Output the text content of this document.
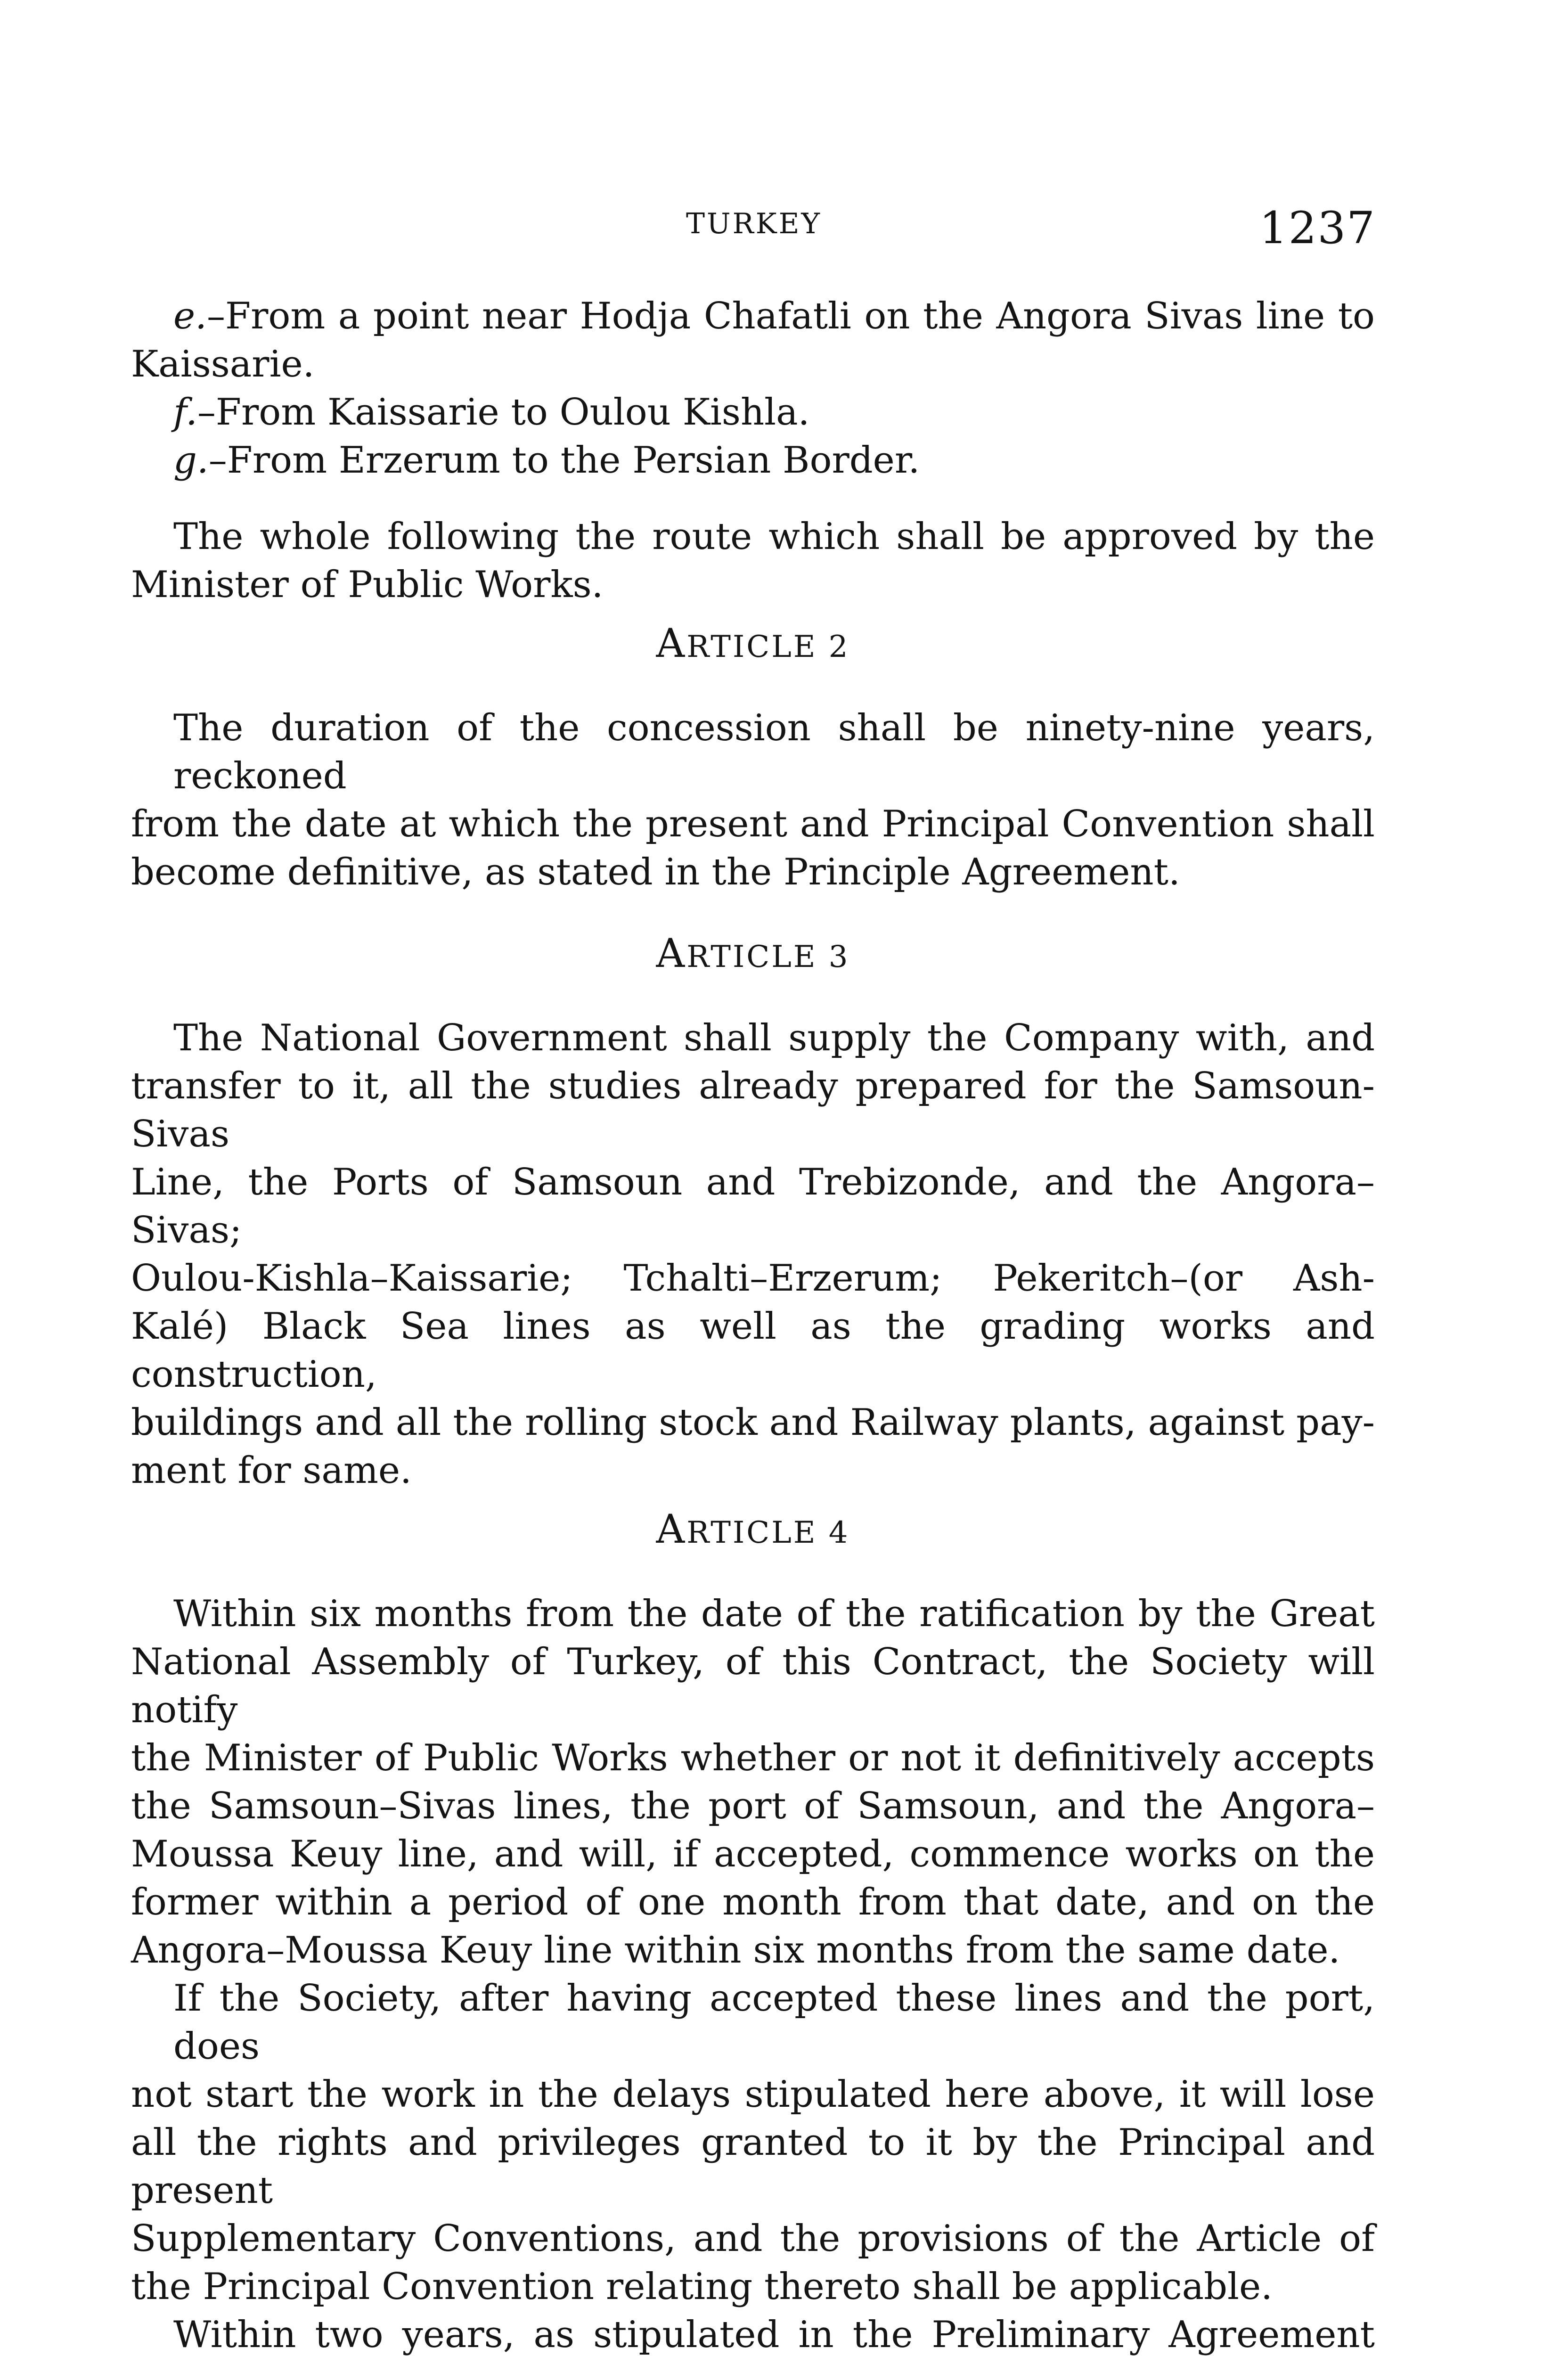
TURKEY	1237
e.–From a point near Hodja Chafatli on the Angora Sivas line to
Kaissarie.
f.–From Kaissarie to Oulou Kishla.
g.–From Erzerum to the Persian Border.
The whole following the route which shall be approved by the
Minister of Public Works.
ARTICLE 2
The duration of the concession shall be ninety-nine years, reckoned
from the date at which the present and Principal Convention shall
become definitive, as stated in the Principle Agreement.
ARTICLE 3
The National Government shall supply the Company with, and
transfer to it, all the studies already prepared for the Samsoun-Sivas
Line, the Ports of Samsoun and Trebizonde, and the Angora–Sivas;
Oulou-Kishla–Kaissarie; Tchalti–Erzerum; Pekeritch–(or Ash-
Kalé) Black Sea lines as well as the grading works and construction,
buildings and all the rolling stock and Railway plants, against pay-
ment for same.
ARTICLE 4
Within six months from the date of the ratification by the Great
National Assembly of Turkey, of this Contract, the Society will notify
the Minister of Public Works whether or not it definitively accepts
the Samsoun–Sivas lines, the port of Samsoun, and the Angora–
Moussa Keuy line, and will, if accepted, commence works on the
former within a period of one month from that date, and on the
Angora–Moussa Keuy line within six months from the same date.
If the Society, after having accepted these lines and the port, does
not start the work in the delays stipulated here above, it will lose
all the rights and privileges granted to it by the Principal and present
Supplementary Conventions, and the provisions of the Article of
the Principal Convention relating thereto shall be applicable.
Within two years, as stipulated in the Preliminary Agreement
